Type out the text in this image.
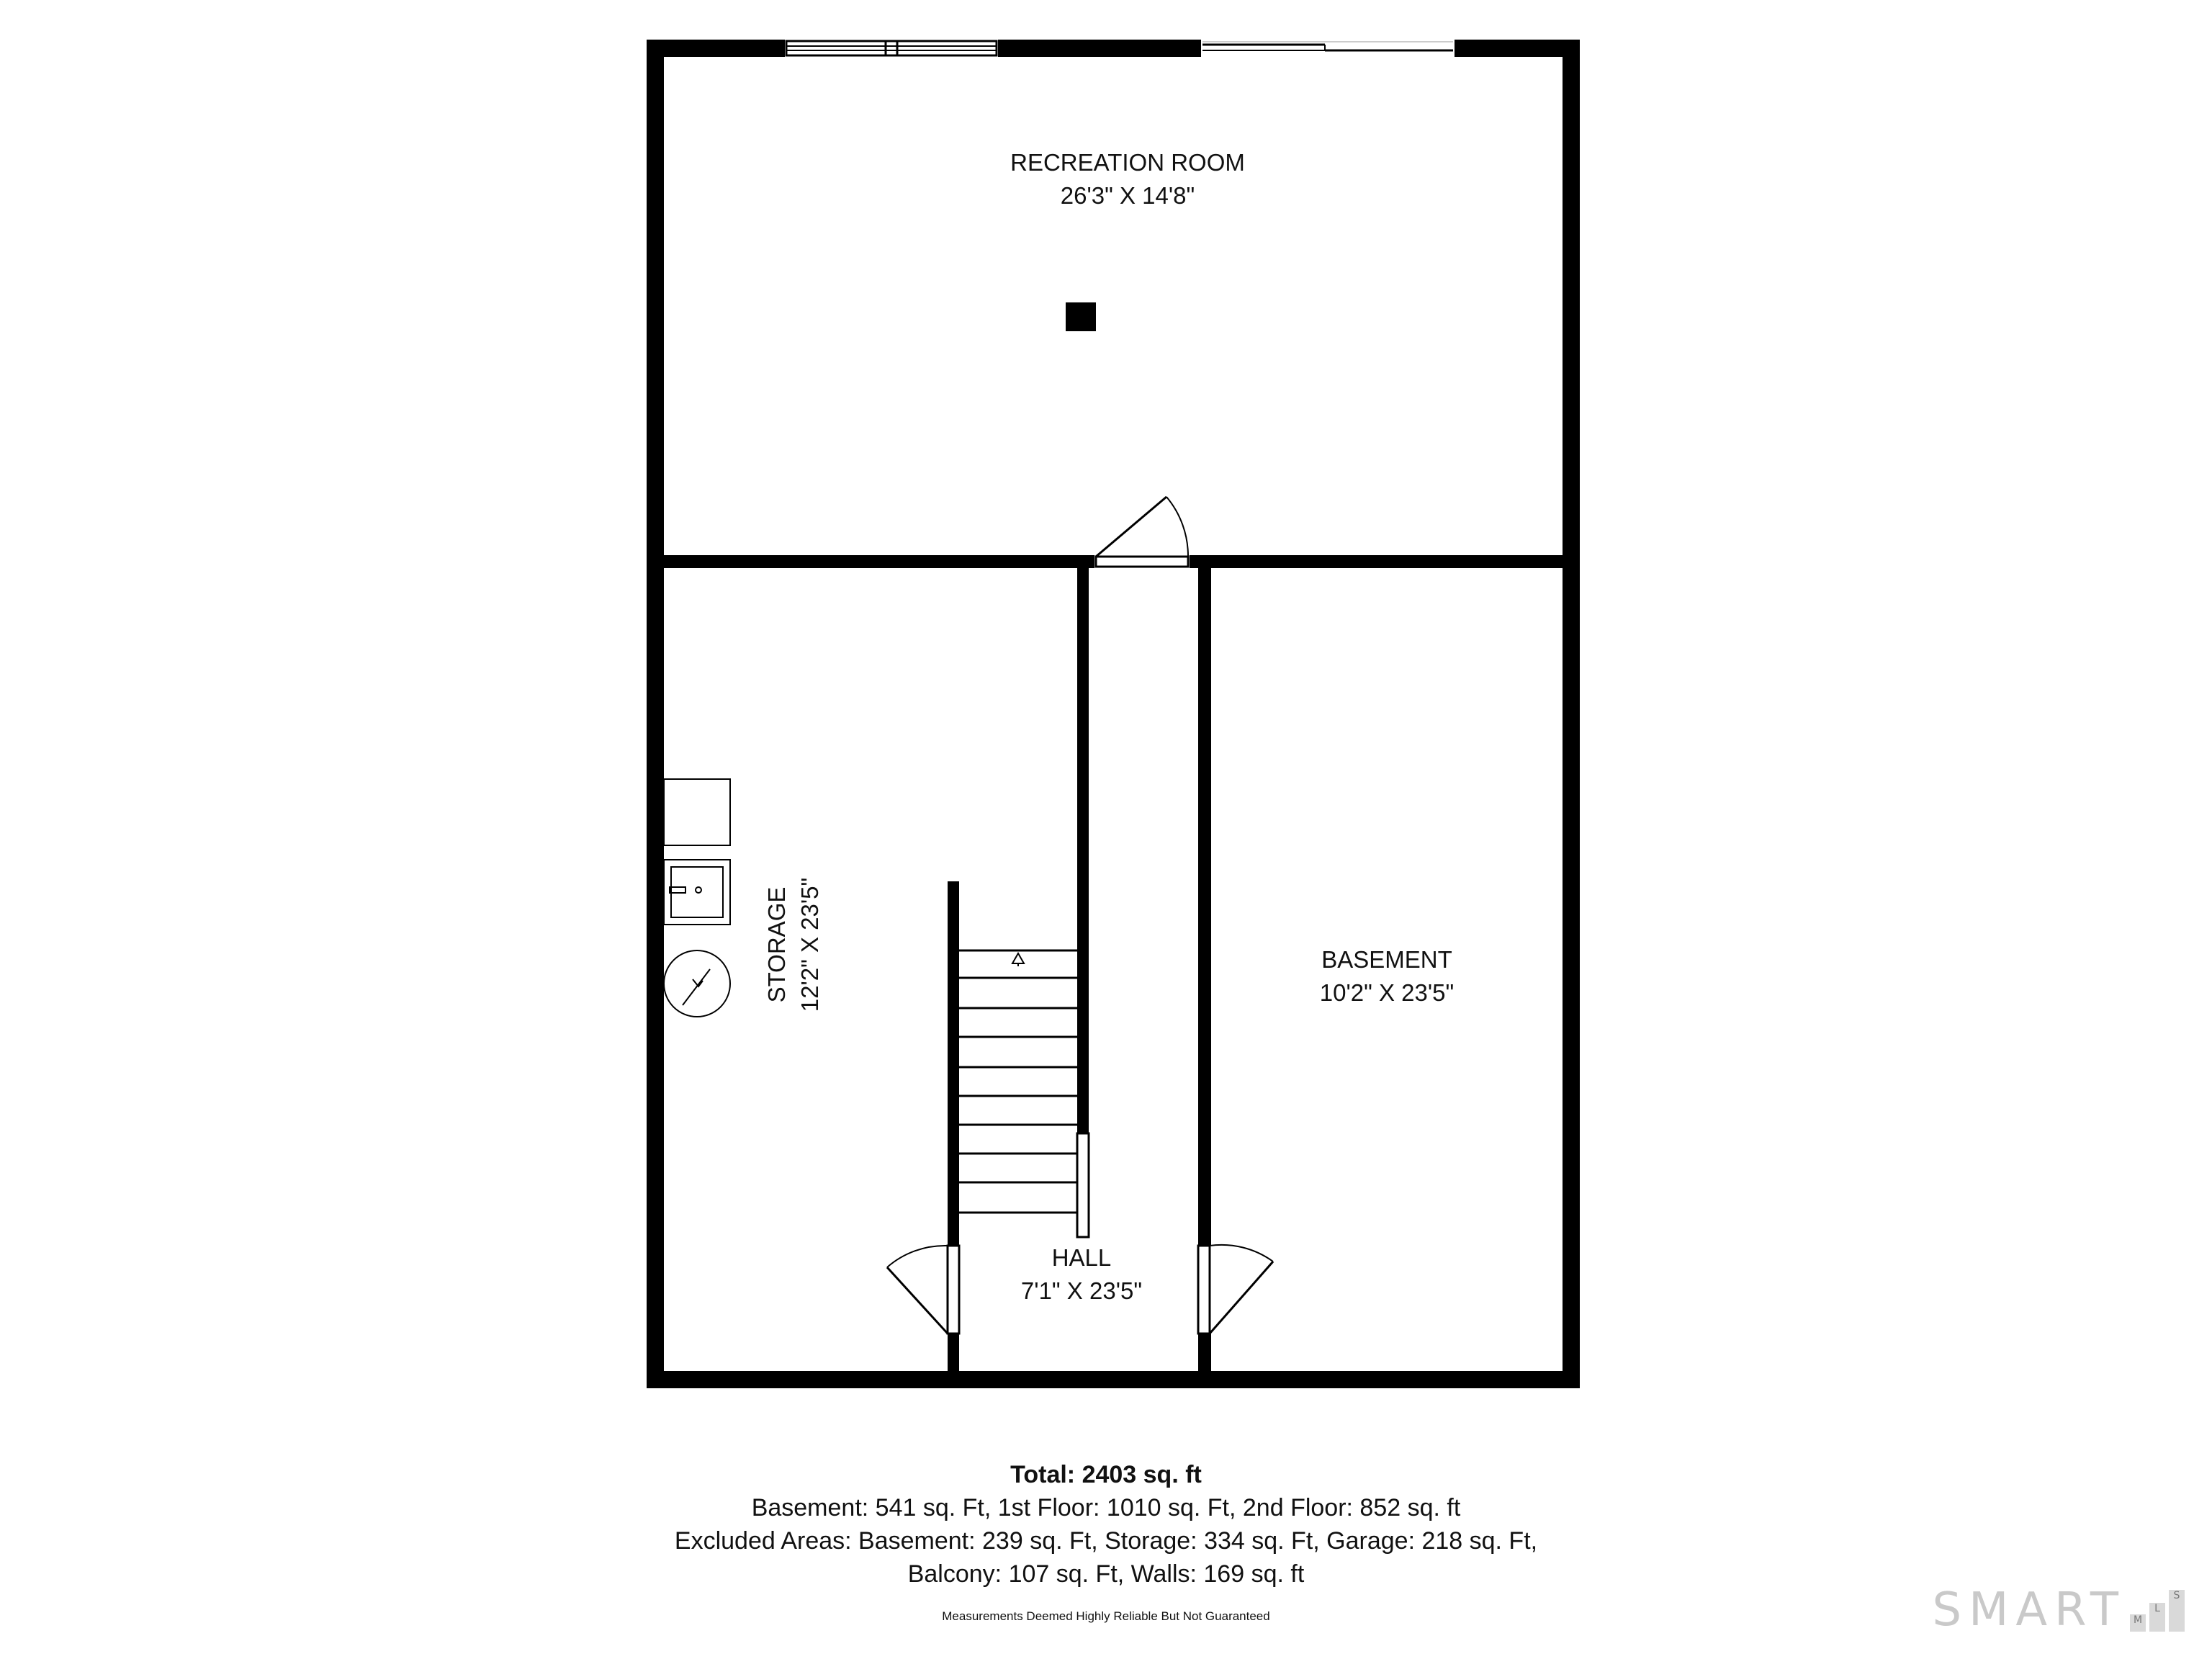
RECREATION ROOM
26'3" X 14'8"
STORAGE 12'2" X 23'5"	BASEMENT
10'2" X 23'5"
HALL
7'1" X 23'5"
Total: 2403 sq. ft
Basement: 541 sq. Ft, 1st Floor: 1010 sq. Ft, 2nd Floor: 852 sq. ft
Excluded Areas: Basement: 239 sq. Ft, Storage: 334 sq. Ft, Garage: 218 sq. Ft,
Balcony: 107 sq. Ft, Walls: 169 sq. ft
Measurements Deemed Highly Reliable But Not Guaranteed	SMART M
L
S
